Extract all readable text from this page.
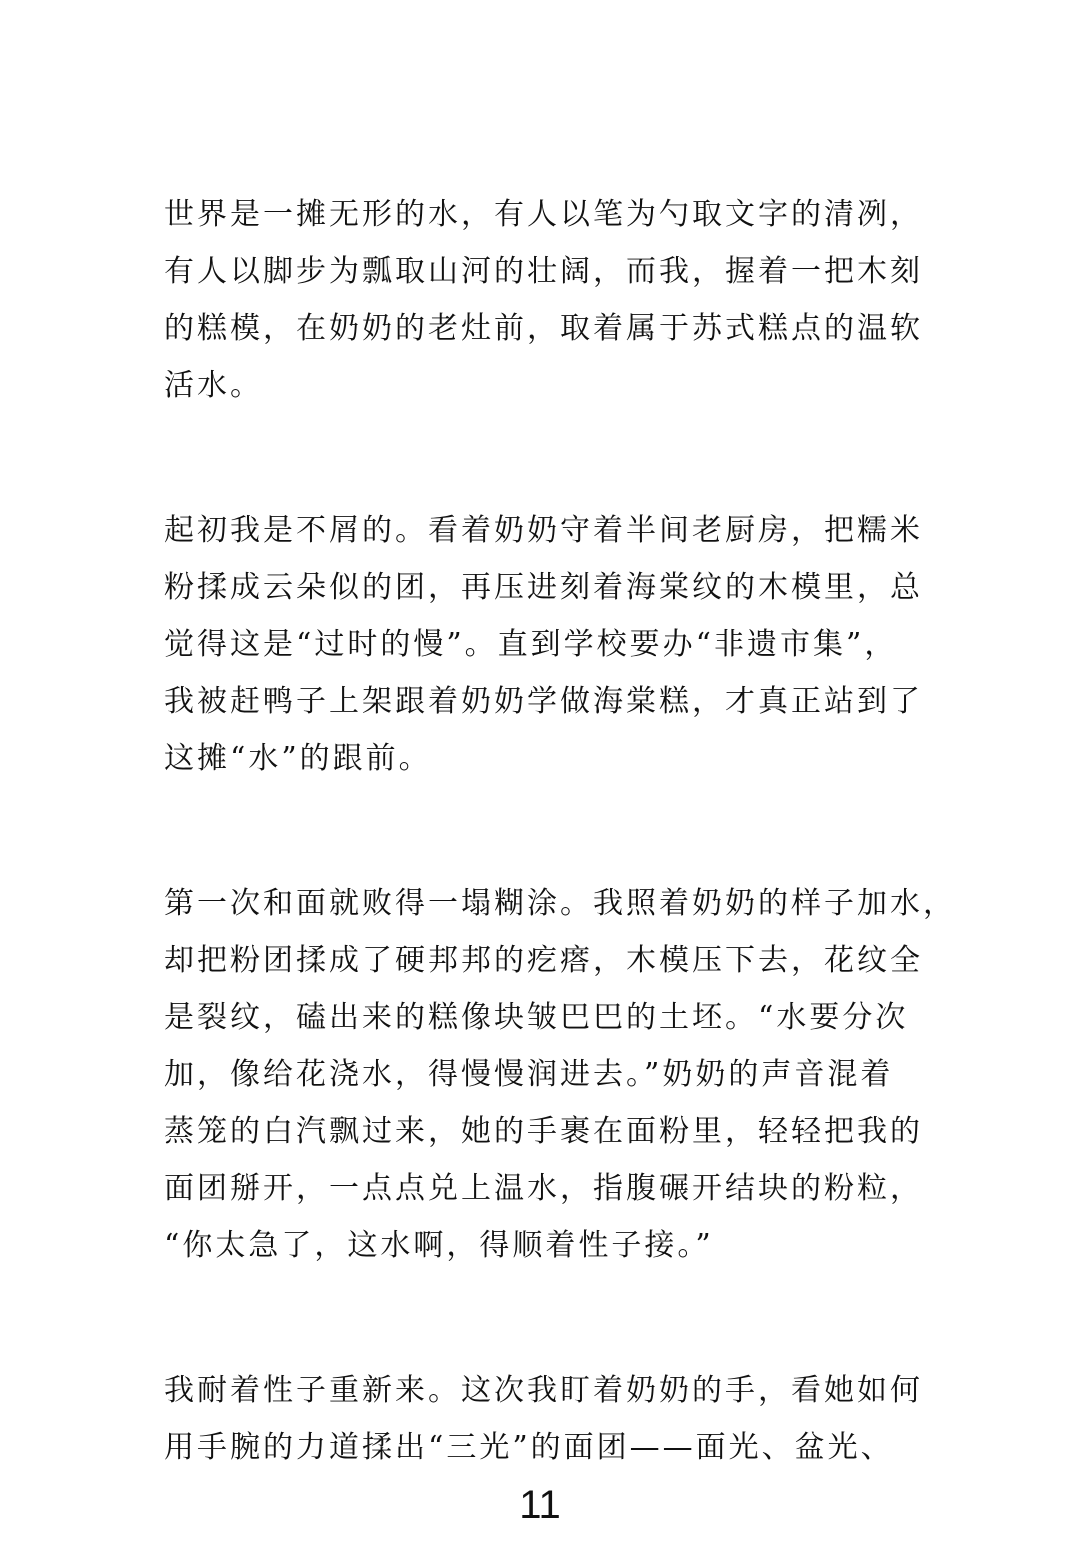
世界是一摊无形的水，有人以笔为勺取文字的清冽，
有人以脚步为瓢取山河的壮阔，而我，握着一把木刻
的糕模，在奶奶的老灶前，取着属于苏式糕点的温软
活水。
起初我是不屑的。看着奶奶守着半间老厨房，把糯米
粉揉成云朵似的团，再压进刻着海棠纹的木模里，总
觉得这是“过时的慢”。直到学校要办“非遗市集”，
我被赶鸭子上架跟着奶奶学做海棠糕，才真正站到了
这摊“水”的跟前。
第一次和面就败得一塌糊涂。我照着奶奶的样子加水，
却把粉团揉成了硬邦邦的疙瘩，木模压下去，花纹全
是裂纹，磕出来的糕像块皱巴巴的土坯。“水要分次
加，像给花浇水，得慢慢润进去。”奶奶的声音混着
蒸笼的白汽飘过来，她的手裹在面粉里，轻轻把我的
面团掰开，一点点兑上温水，指腹碾开结块的粉粒，
“你太急了，这水啊，得顺着性子接。”
我耐着性子重新来。这次我盯着奶奶的手，看她如何
用手腕的力道揉出“三光”的面团——面光、盆光、
11
